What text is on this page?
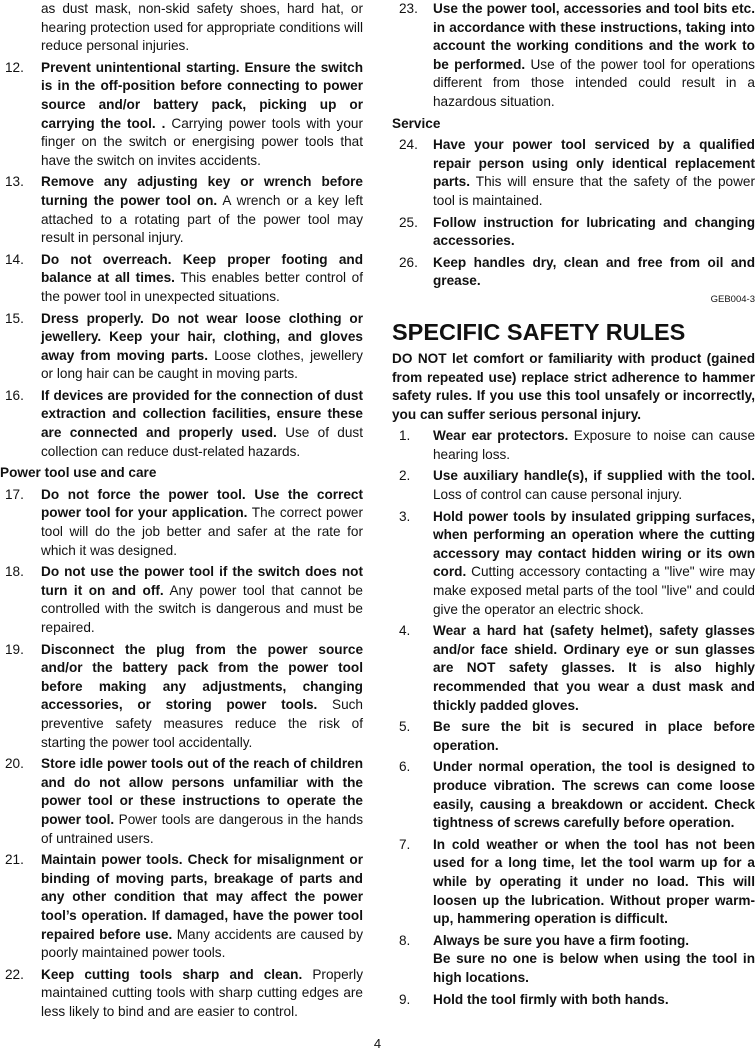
as dust mask, non-skid safety shoes, hard hat, or hearing protection used for appropriate conditions will reduce personal injuries.
12. Prevent unintentional starting. Ensure the switch is in the off-position before connecting to power source and/or battery pack, picking up or carrying the tool. . Carrying power tools with your finger on the switch or energising power tools that have the switch on invites accidents.
13. Remove any adjusting key or wrench before turning the power tool on. A wrench or a key left attached to a rotating part of the power tool may result in personal injury.
14. Do not overreach. Keep proper footing and balance at all times. This enables better control of the power tool in unexpected situations.
15. Dress properly. Do not wear loose clothing or jewellery. Keep your hair, clothing, and gloves away from moving parts. Loose clothes, jewellery or long hair can be caught in moving parts.
16. If devices are provided for the connection of dust extraction and collection facilities, ensure these are connected and properly used. Use of dust collection can reduce dust-related hazards.
Power tool use and care
17. Do not force the power tool. Use the correct power tool for your application. The correct power tool will do the job better and safer at the rate for which it was designed.
18. Do not use the power tool if the switch does not turn it on and off. Any power tool that cannot be controlled with the switch is dangerous and must be repaired.
19. Disconnect the plug from the power source and/or the battery pack from the power tool before making any adjustments, changing accessories, or storing power tools. Such preventive safety measures reduce the risk of starting the power tool accidentally.
20. Store idle power tools out of the reach of children and do not allow persons unfamiliar with the power tool or these instructions to operate the power tool. Power tools are dangerous in the hands of untrained users.
21. Maintain power tools. Check for misalignment or binding of moving parts, breakage of parts and any other condition that may affect the power tool’s operation. If damaged, have the power tool repaired before use. Many accidents are caused by poorly maintained power tools.
22. Keep cutting tools sharp and clean. Properly maintained cutting tools with sharp cutting edges are less likely to bind and are easier to control.
23. Use the power tool, accessories and tool bits etc. in accordance with these instructions, taking into account the working conditions and the work to be performed. Use of the power tool for operations different from those intended could result in a hazardous situation.
Service
24. Have your power tool serviced by a qualified repair person using only identical replacement parts. This will ensure that the safety of the power tool is maintained.
25. Follow instruction for lubricating and changing accessories.
26. Keep handles dry, clean and free from oil and grease.
GEB004-3
SPECIFIC SAFETY RULES
DO NOT let comfort or familiarity with product (gained from repeated use) replace strict adherence to hammer safety rules. If you use this tool unsafely or incorrectly, you can suffer serious personal injury.
1. Wear ear protectors. Exposure to noise can cause hearing loss.
2. Use auxiliary handle(s), if supplied with the tool. Loss of control can cause personal injury.
3. Hold power tools by insulated gripping surfaces, when performing an operation where the cutting accessory may contact hidden wiring or its own cord. Cutting accessory contacting a "live" wire may make exposed metal parts of the tool "live" and could give the operator an electric shock.
4. Wear a hard hat (safety helmet), safety glasses and/or face shield. Ordinary eye or sun glasses are NOT safety glasses. It is also highly recommended that you wear a dust mask and thickly padded gloves.
5. Be sure the bit is secured in place before operation.
6. Under normal operation, the tool is designed to produce vibration. The screws can come loose easily, causing a breakdown or accident. Check tightness of screws carefully before operation.
7. In cold weather or when the tool has not been used for a long time, let the tool warm up for a while by operating it under no load. This will loosen up the lubrication. Without proper warm-up, hammering operation is difficult.
8. Always be sure you have a firm footing.
Be sure no one is below when using the tool in high locations.
9. Hold the tool firmly with both hands.
4
